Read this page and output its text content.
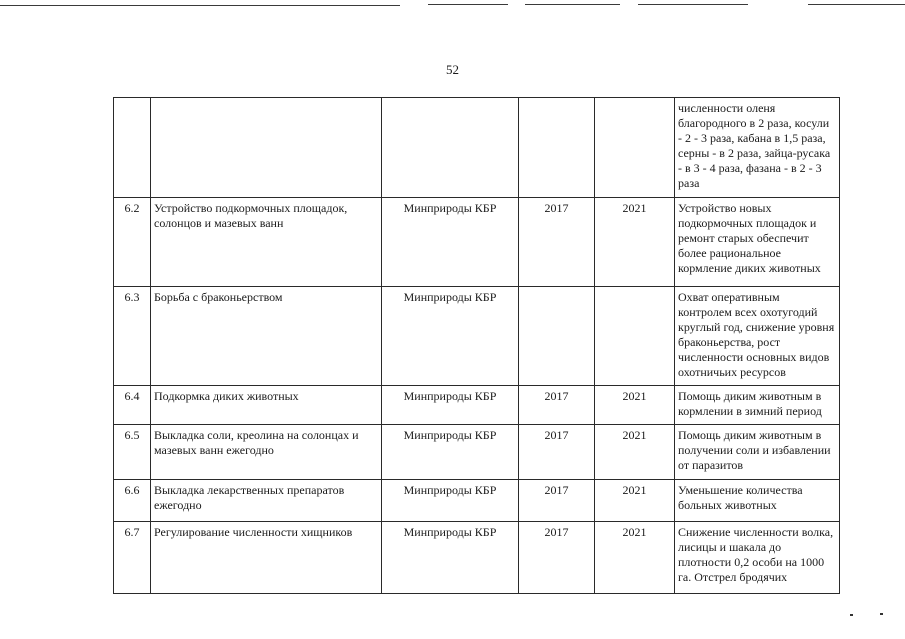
52
					численности оленя благородного в 2 раза, косули - 2 - 3 раза, кабана в 1,5 раза, серны - в 2 раза, зайца-русака - в 3 - 4 раза, фазана - в 2 - 3 раза
6.2	Устройство подкормочных площадок, солонцов и мазевых ванн	Минприроды КБР	2017	2021	Устройство новых подкормочных площадок и ремонт старых обеспечит более рациональное кормление диких животных
6.3	Борьба с браконьерством	Минприроды КБР			Охват оперативным контролем всех охотугодий круглый год, снижение уровня браконьерства, рост численности основных видов охотничьих ресурсов
6.4	Подкормка диких животных	Минприроды КБР	2017	2021	Помощь диким животным в кормлении в зимний период
6.5	Выкладка соли, креолина на солонцах и мазевых ванн ежегодно	Минприроды КБР	2017	2021	Помощь диким животным в получении соли и избавлении от паразитов
6.6	Выкладка лекарственных препаратов ежегодно	Минприроды КБР	2017	2021	Уменьшение количества больных животных
6.7	Регулирование численности хищников	Минприроды КБР	2017	2021	Снижение численности волка, лисицы и шакала до плотности 0,2 особи на 1000 га. Отстрел бродячих
